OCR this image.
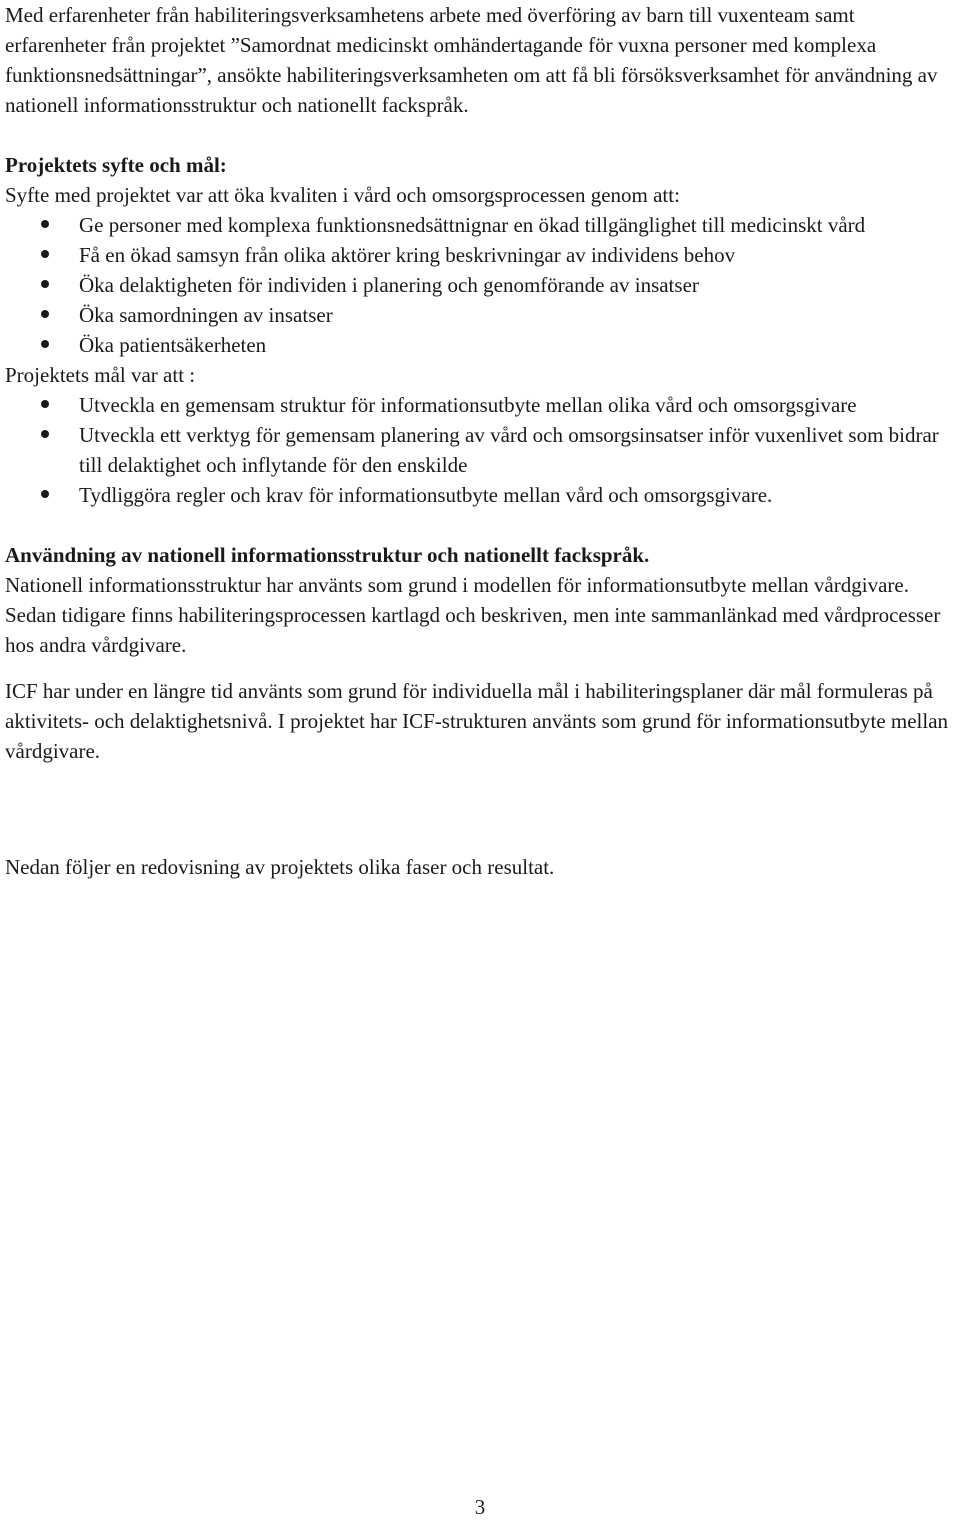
Med erfarenheter från habiliteringsverksamhetens arbete med överföring av barn till vuxenteam samt erfarenheter från projektet ”Samordnat medicinskt omhändertagande för vuxna personer med komplexa funktionsnedsättningar”, ansökte habiliteringsverksamheten om att få bli försöksverksamhet för användning av nationell informationsstruktur och nationellt fackspråk.

Projektets syfte och mål:

Syfte med projektet var att öka kvaliten i vård och omsorgsprocessen genom att:

Ge personer med komplexa funktionsnedsättnignar en ökad tillgänglighet till medicinskt vård
Få en ökad samsyn från olika aktörer kring beskrivningar av individens behov
Öka delaktigheten för individen i planering och genomförande av insatser
Öka samordningen av insatser
Öka patientsäkerheten

Projektets mål var att :

Utveckla en gemensam struktur för informationsutbyte mellan olika vård och omsorgsgivare
Utveckla ett verktyg för gemensam planering av vård och omsorgsinsatser inför vuxenlivet som bidrar till delaktighet och inflytande för den enskilde
Tydliggöra regler och krav för informationsutbyte mellan vård och omsorgsgivare.

Användning av nationell informationsstruktur och nationellt fackspråk.

Nationell informationsstruktur har använts som grund i modellen för informationsutbyte mellan vårdgivare. Sedan tidigare finns habiliteringsprocessen kartlagd och beskriven, men inte sammanlänkad med vårdprocesser hos andra vårdgivare.

ICF har under en längre tid använts som grund för individuella mål i habiliteringsplaner där mål formuleras på aktivitets- och delaktighetsnivå. I projektet har ICF-strukturen använts som grund för informationsutbyte mellan vårdgivare.

Nedan följer en redovisning av projektets olika faser och resultat.

3
